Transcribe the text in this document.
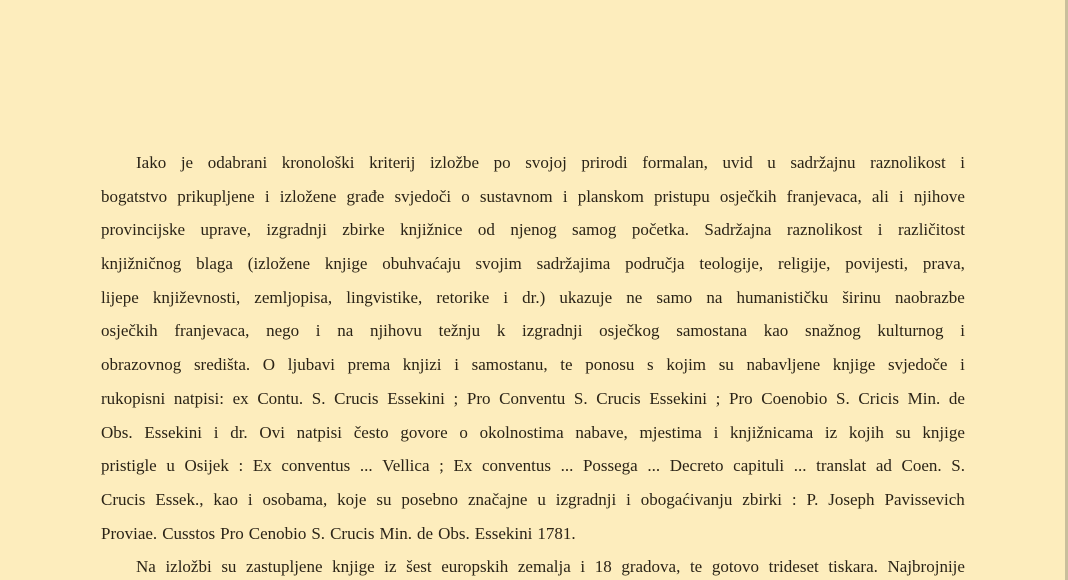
Iako je odabrani kronološki kriterij izložbe po svojoj prirodi formalan, uvid u sadržajnu raznolikost i
bogatstvo prikupljene i izložene građe svjedoči o sustavnom i planskom pristupu osječkih franjevaca, ali i njihove
provincijske uprave, izgradnji zbirke knjižnice od njenog samog početka. Sadržajna raznolikost i različitost
knjižničnog blaga (izložene knjige obuhvaćaju svojim sadržajima područja teologije, religije, povijesti, prava,
lijepe književnosti, zemljopisa, lingvistike, retorike i dr.) ukazuje ne samo na humanističku širinu naobrazbe
osječkih franjevaca, nego i na njihovu težnju k izgradnji osječkog samostana kao snažnog kulturnog i
obrazovnog središta. O ljubavi prema knjizi i samostanu, te ponosu s kojim su nabavljene knjige svjedoče i
rukopisni natpisi: ex Contu. S. Crucis Essekini ; Pro Conventu S. Crucis Essekini ; Pro Coenobio S. Cricis Min. de
Obs. Essekini i dr. Ovi natpisi često govore o okolnostima nabave, mjestima i knjižnicama iz kojih su knjige
pristigle u Osijek : Ex conventus ... Vellica ; Ex conventus ... Possega ... Decreto capituli ... translat ad Coen. S.
Crucis Essek., kao i osobama, koje su posebno značajne u izgradnji i obogaćivanju zbirki : P. Joseph Pavissevich
Proviae. Cusstos Pro Cenobio S. Crucis Min. de Obs. Essekini 1781.
Na izložbi su zastupljene knjige iz šest europskih zemalja i 18 gradova, te gotovo trideset tiskara. Najbrojnije
